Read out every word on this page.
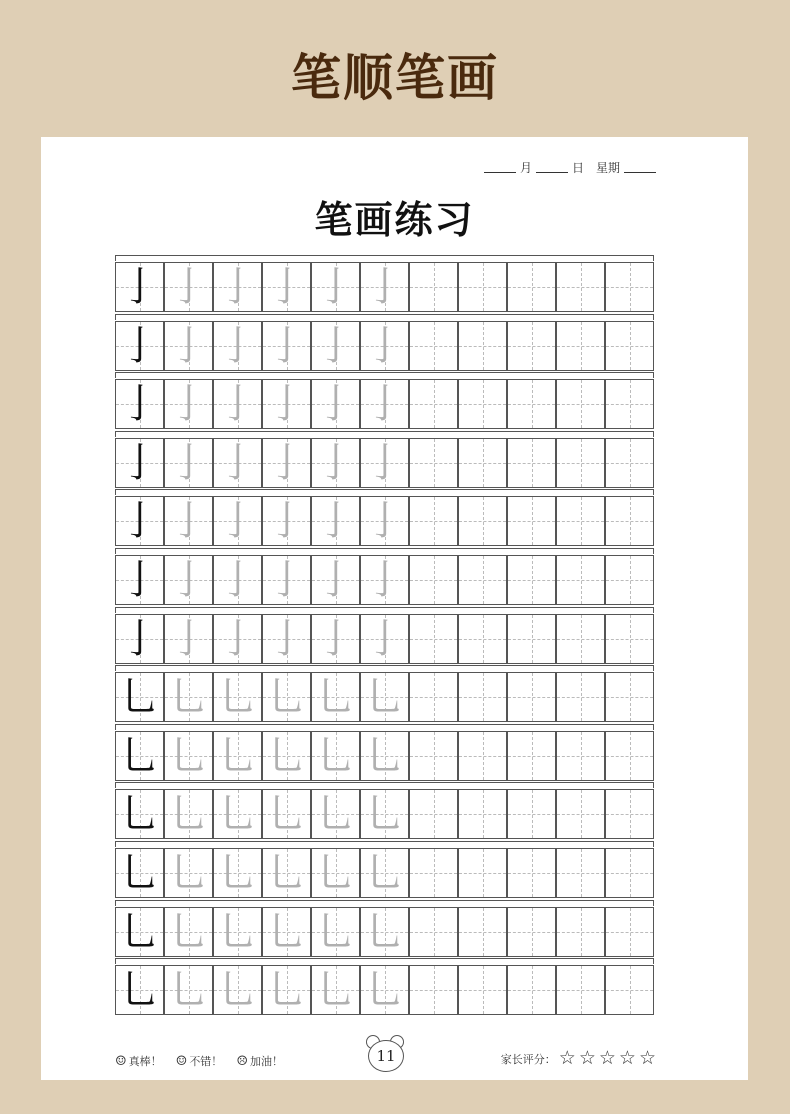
笔顺笔画
月	日 星期
笔画练习
亅 亅 亅 亅 亅 亅
亅 亅 亅 亅 亅 亅
亅 亅 亅 亅 亅 亅
亅 亅 亅 亅 亅 亅
亅 亅 亅 亅 亅 亅
亅 亅 亅 亅 亅 亅
亅 亅 亅 亅 亅 亅
乚 乚 乚 乚 乚 乚
乚 乚 乚 乚 乚 乚
乚 乚 乚 乚 乚 乚
乚 乚 乚 乚 乚 乚
乚 乚 乚 乚 乚 乚
乚 乚 乚 乚 乚 乚
☺ 真棒！ ☺ 不错！ ☹ 加油！	11	家长评分： ☆ ☆ ☆ ☆ ☆
